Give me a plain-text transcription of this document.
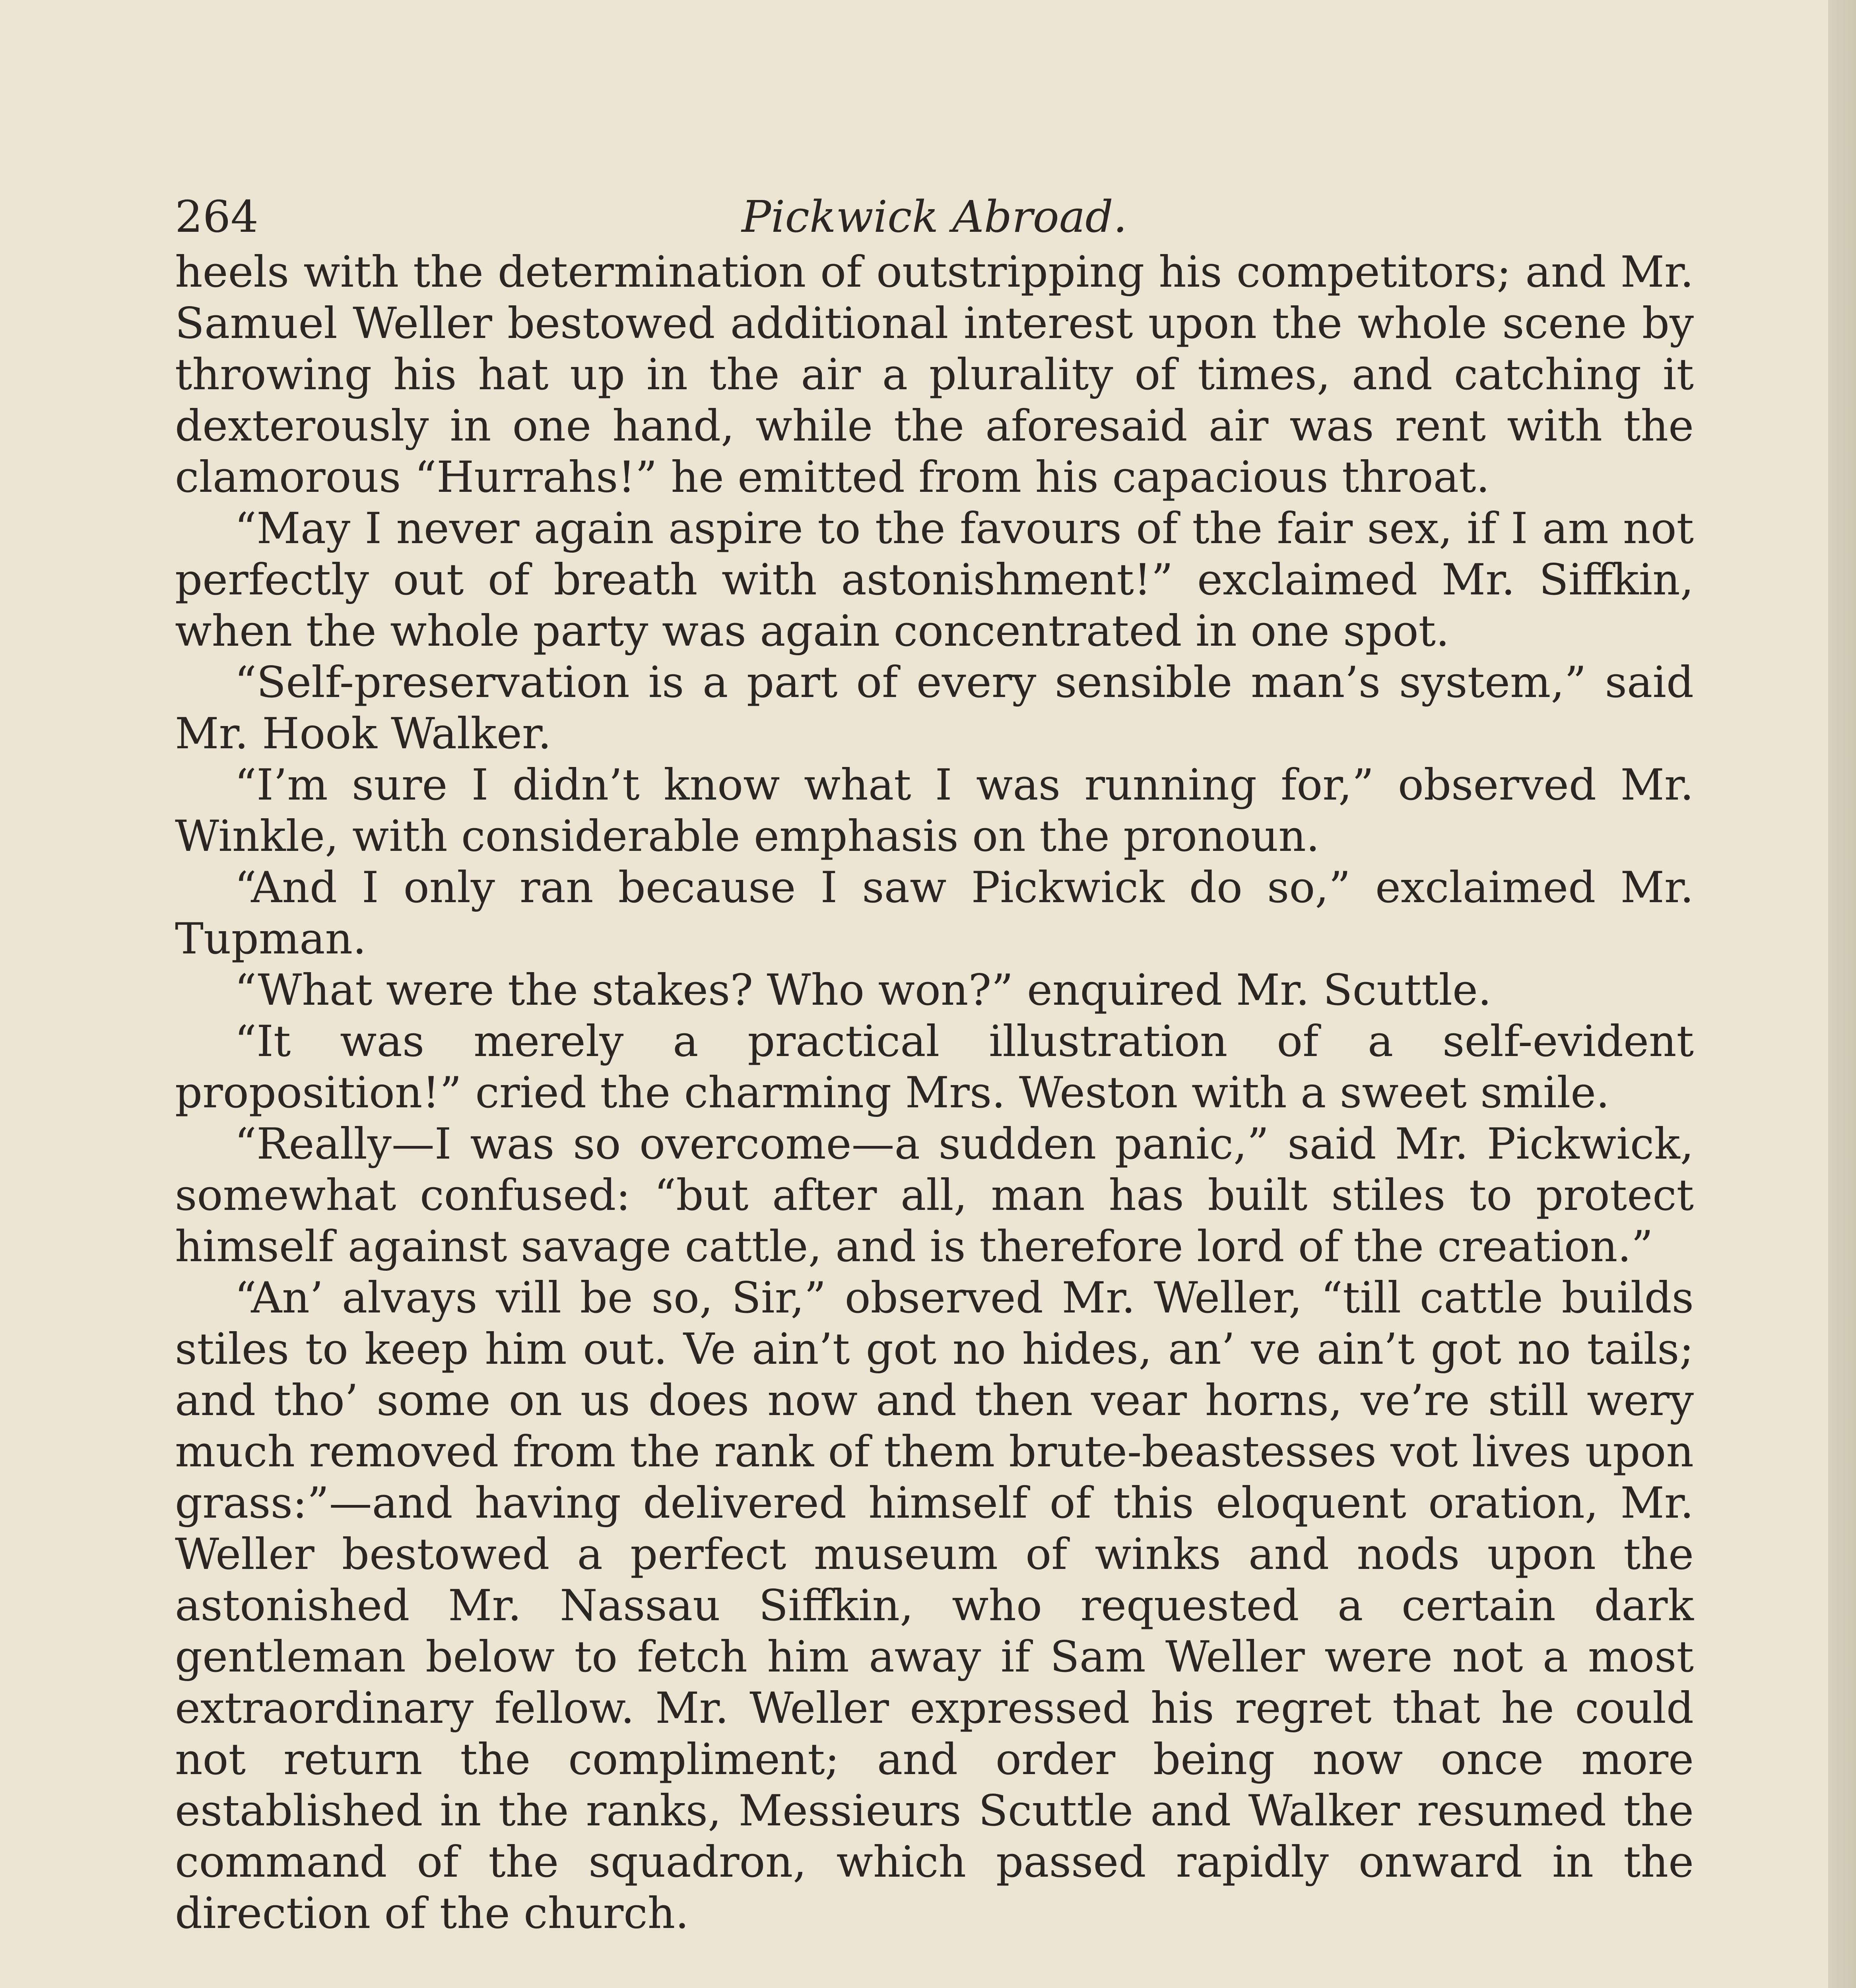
264	Pickwick Abroad.

heels with the determination of outstripping his competitors; and Mr. Samuel Weller bestowed additional interest upon the whole scene by throwing his hat up in the air a plurality of times, and catching it dexterously in one hand, while the aforesaid air was rent with the clamorous “Hurrahs!” he emitted from his capacious throat.

“May I never again aspire to the favours of the fair sex, if I am not perfectly out of breath with astonishment!” exclaimed Mr. Siffkin, when the whole party was again concentrated in one spot.

“Self-preservation is a part of every sensible man’s system,” said Mr. Hook Walker.

“I’m sure I didn’t know what I was running for,” observed Mr. Winkle, with considerable emphasis on the pronoun.

“And I only ran because I saw Pickwick do so,” exclaimed Mr. Tupman.

“What were the stakes? Who won?” enquired Mr. Scuttle.

“It was merely a practical illustration of a self-evident proposition!” cried the charming Mrs. Weston with a sweet smile.

“Really—I was so overcome—a sudden panic,” said Mr. Pickwick, somewhat confused: “but after all, man has built stiles to protect himself against savage cattle, and is therefore lord of the creation.”

“An’ alvays vill be so, Sir,” observed Mr. Weller, “till cattle builds stiles to keep him out. Ve ain’t got no hides, an’ ve ain’t got no tails; and tho’ some on us does now and then vear horns, ve’re still wery much removed from the rank of them brute-beastesses vot lives upon grass:”—and having delivered himself of this eloquent oration, Mr. Weller bestowed a perfect museum of winks and nods upon the astonished Mr. Nassau Siffkin, who requested a certain dark gentleman below to fetch him away if Sam Weller were not a most extraordinary fellow. Mr. Weller expressed his regret that he could not return the compliment; and order being now once more established in the ranks, Messieurs Scuttle and Walker resumed the command of the squadron, which passed rapidly onward in the direction of the church.
